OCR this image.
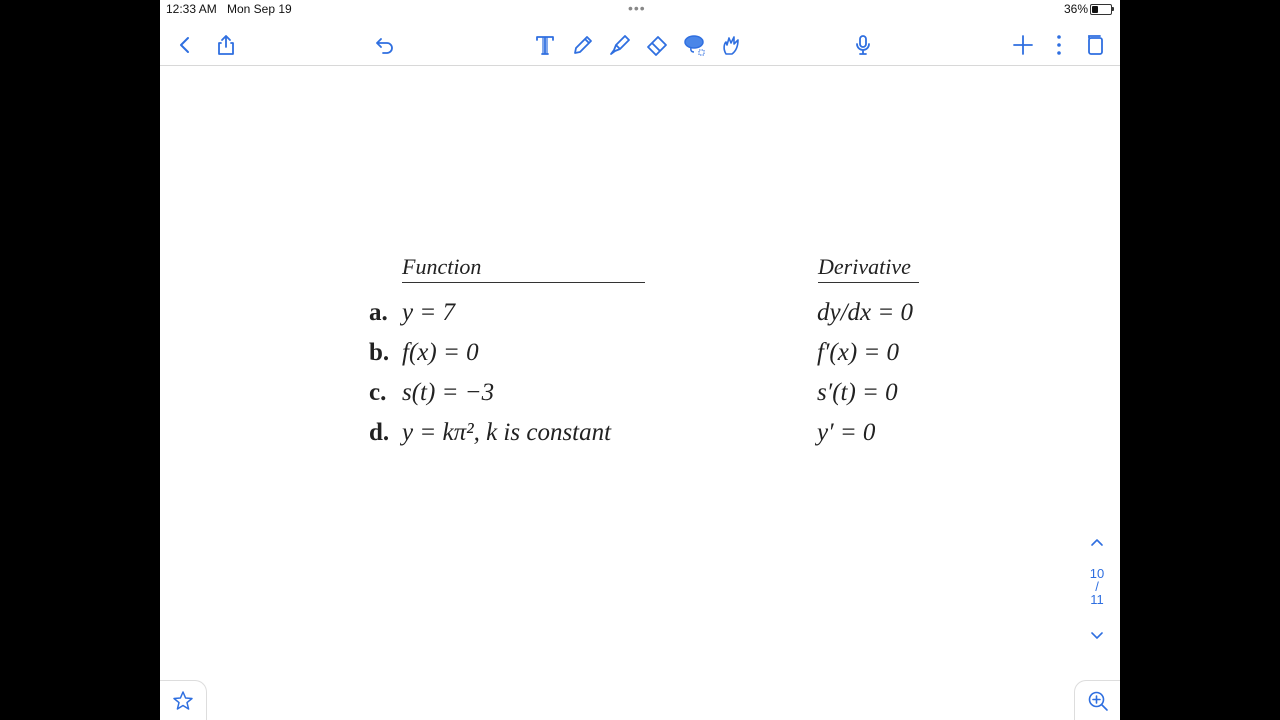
12:33 AM Mon Sep 19	•••	36%
Function	Derivative
a. y = 7	dy/dx = 0
b. f(x) = 0	f′(x) = 0
c. s(t) = −3	s′(t) = 0
d. y = kπ², k is constant	y′ = 0
10
/
11
